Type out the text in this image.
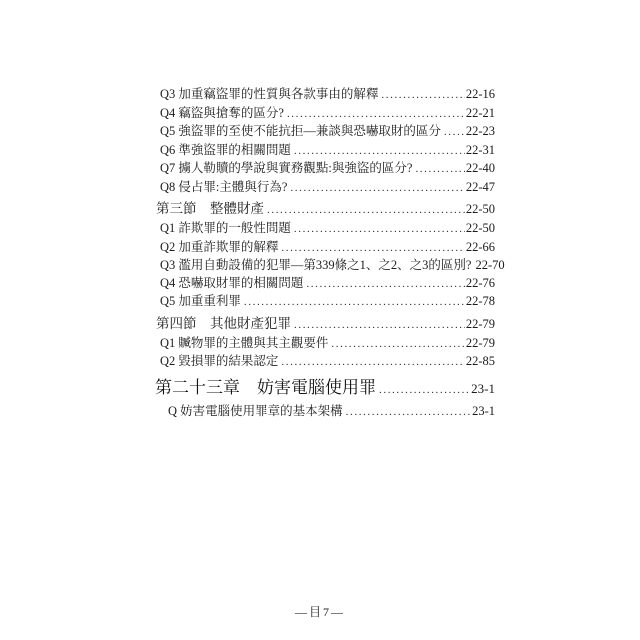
Q3 加重竊盜罪的性質與各款事由的解釋 .....	22-16
Q4 竊盜與搶奪的區分? .....	22-21
Q5 強盜罪的至使不能抗拒—兼談與恐嚇取財的區分 ..... 22-23
Q6 準強盜罪的相關問題 .....	22-31
Q7 擄人勒贖的學說與實務觀點:與強盜的區分? .....	22-40
Q8 侵占罪:主體與行為? .....	22-47
第三節　整體財產 .....	22-50
Q1 詐欺罪的一般性問題 .....	22-50
Q2 加重詐欺罪的解釋 .....	22-66
Q3 濫用自動設備的犯罪—第339條之1、之2、之3的區別? 22-70
Q4 恐嚇取財罪的相關問題 .....	22-76
Q5 加重重利罪 .....	22-78
第四節　其他財產犯罪 .....	22-79
Q1 贓物罪的主體與其主觀要件 .....	22-79
Q2 毀損罪的結果認定 .....	22-85
第二十三章　妨害電腦使用罪 .....	23-1
Q 妨害電腦使用罪章的基本架構 .....	23-1
—目7—
